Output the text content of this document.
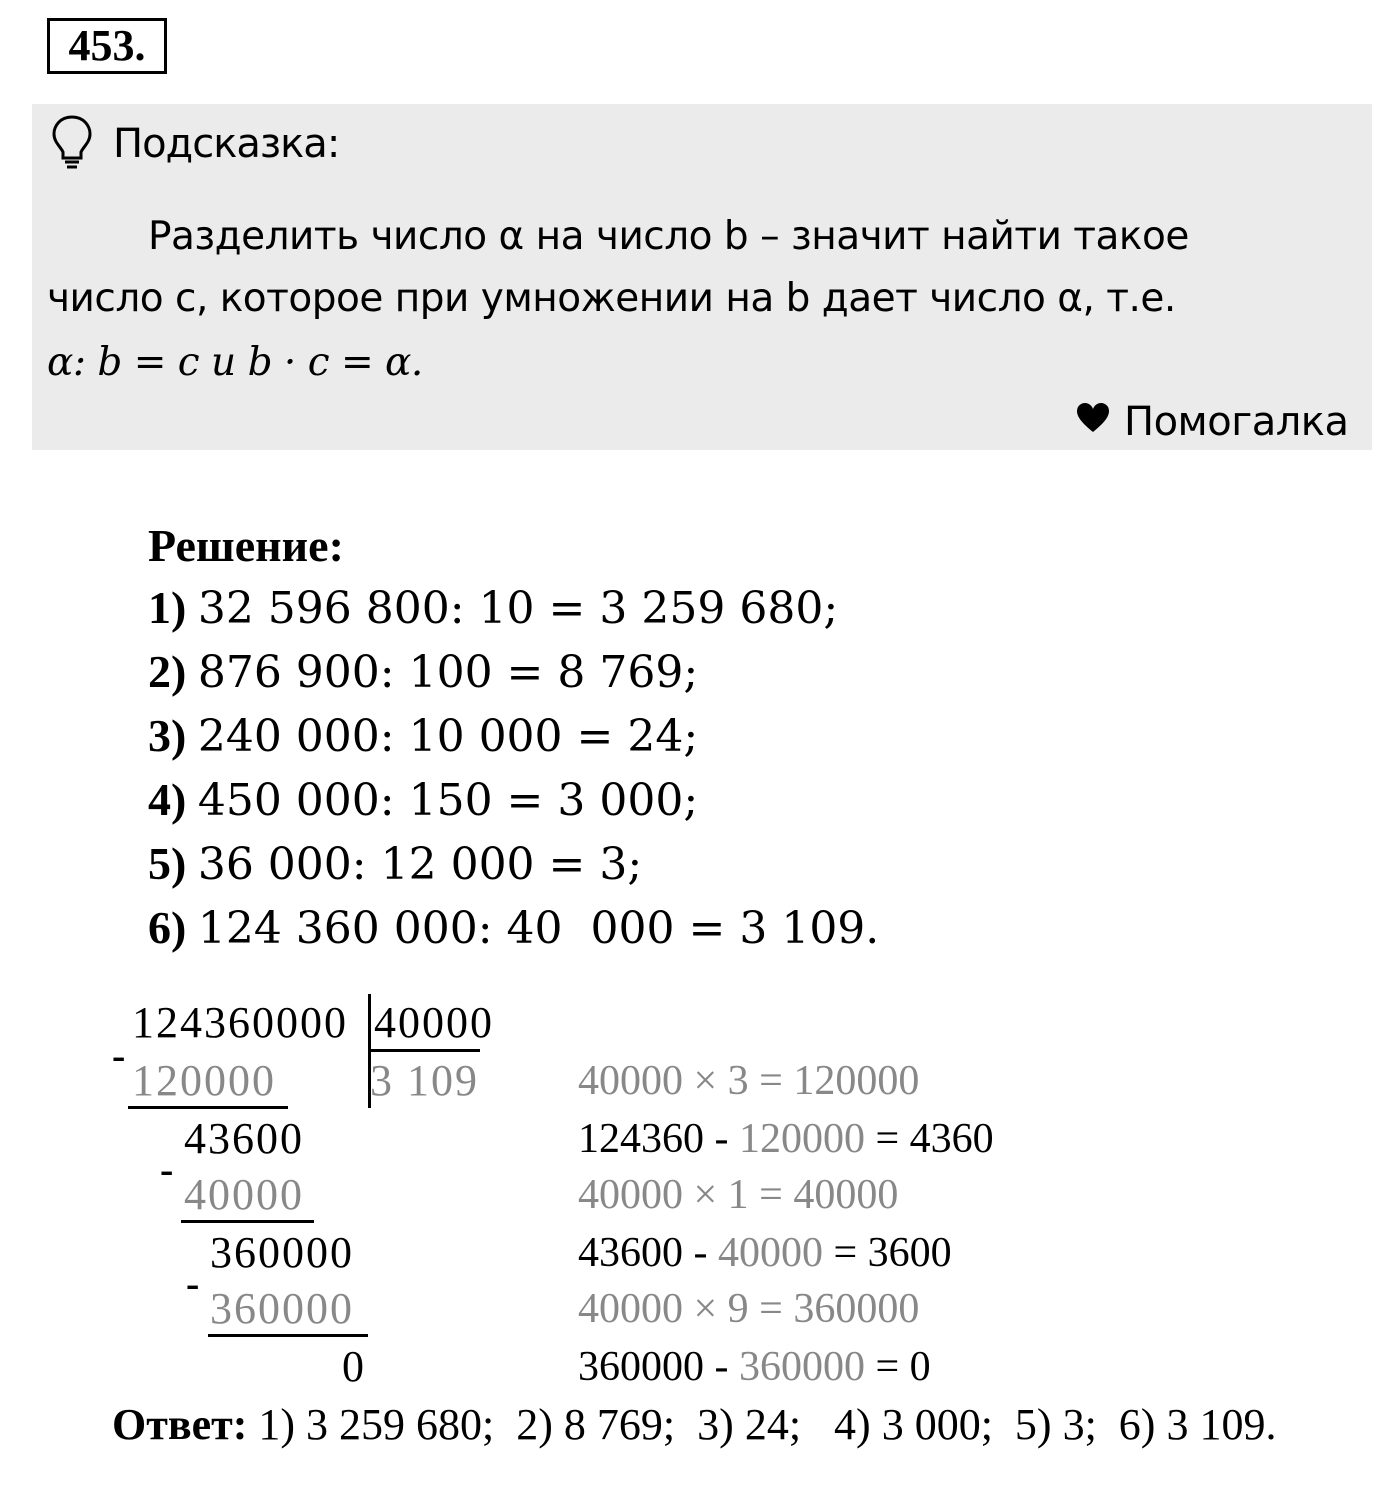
453.
Подсказка:
Разделить число α на число b – значит найти такое
число c, которое при умножении на b дает число α, т.е.
α: b = с и b · с = α.
Помогалка
Решение:
1) 32 596 800: 10 = 3 259 680;
2) 876 900: 100 = 8 769;
3) 240 000: 10 000 = 24;
4) 450 000: 150 = 3 000;
5) 36 000: 12 000 = 3;
6) 124 360 000: 40  000 = 3 109.
124360000 40000
3 109
-
120000
43600
-
40000
360000
-
360000
0
40000 × 3 = 120000
124360 - 120000 = 4360
40000 × 1 = 40000
43600 - 40000 = 3600
40000 × 9 = 360000
360000 - 360000 = 0
Ответ: 1) 3 259 680;  2) 8 769;  3) 24;   4) 3 000;  5) 3;  6) 3 109.
